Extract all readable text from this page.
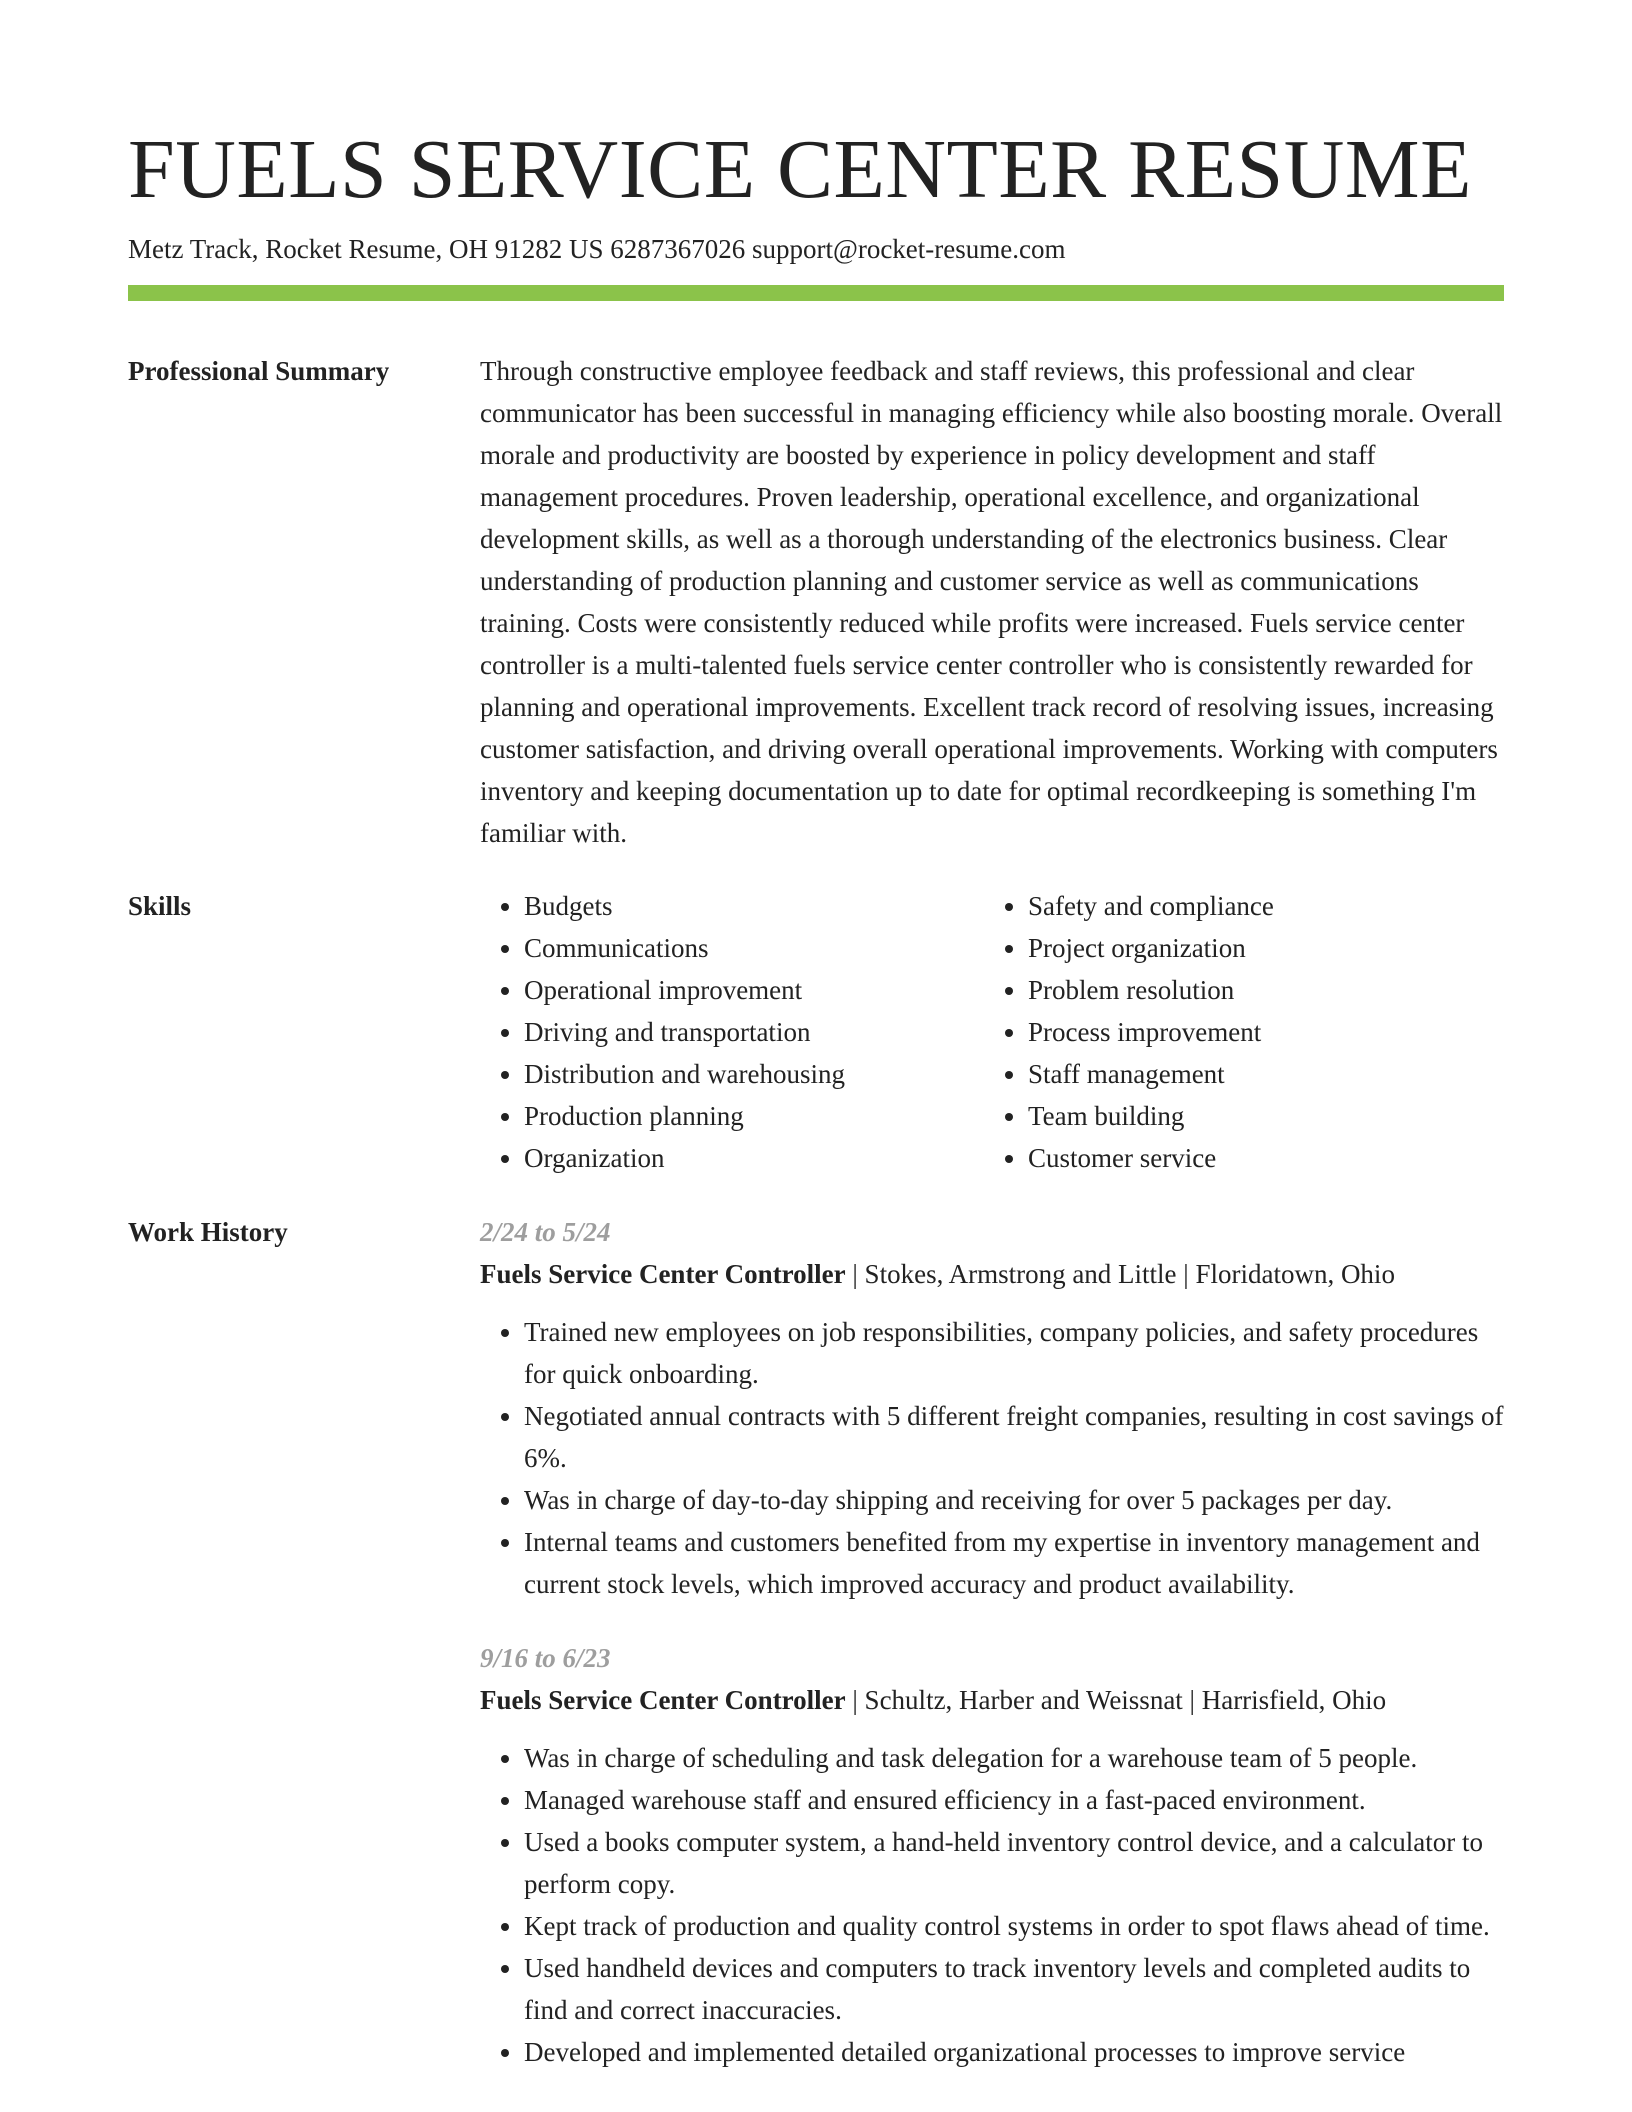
FUELS SERVICE CENTER RESUME
Metz Track, Rocket Resume, OH 91282 US 6287367026 support@rocket-resume.com
Professional Summary	Through constructive employee feedback and staff reviews, this professional and clear communicator has been successful in managing efficiency while also boosting morale. Overall morale and productivity are boosted by experience in policy development and staff management procedures. Proven leadership, operational excellence, and organizational development skills, as well as a thorough understanding of the electronics business. Clear understanding of production planning and customer service as well as communications training. Costs were consistently reduced while profits were increased. Fuels service center controller is a multi-talented fuels service center controller who is consistently rewarded for planning and operational improvements. Excellent track record of resolving issues, increasing customer satisfaction, and driving overall operational improvements. Working with computers inventory and keeping documentation up to date for optimal recordkeeping is something I'm familiar with.

Skills
•	Budgets
• Communications
• Operational improvement
• Driving and transportation
• Distribution and warehousing
• Production planning
• Organization
• Safety and compliance
• Project organization
• Problem resolution
• Process improvement
• Staff management
• Team building
• Customer service
Work History	2/24 to 5/24
Fuels Service Center Controller | Stokes, Armstrong and Little | Floridatown, Ohio
• Trained new employees on job responsibilities, company policies, and safety procedures for quick onboarding.
• Negotiated annual contracts with 5 different freight companies, resulting in cost savings of 6%.
• Was in charge of day-to-day shipping and receiving for over 5 packages per day.
• Internal teams and customers benefited from my expertise in inventory management and current stock levels, which improved accuracy and product availability.
9/16 to 6/23
Fuels Service Center Controller | Schultz, Harber and Weissnat | Harrisfield, Ohio
• Was in charge of scheduling and task delegation for a warehouse team of 5 people.
• Managed warehouse staff and ensured efficiency in a fast-paced environment.
• Used a books computer system, a hand-held inventory control device, and a calculator to perform copy.
• Kept track of production and quality control systems in order to spot flaws ahead of time.
• Used handheld devices and computers to track inventory levels and completed audits to find and correct inaccuracies.
• Developed and implemented detailed organizational processes to improve service
